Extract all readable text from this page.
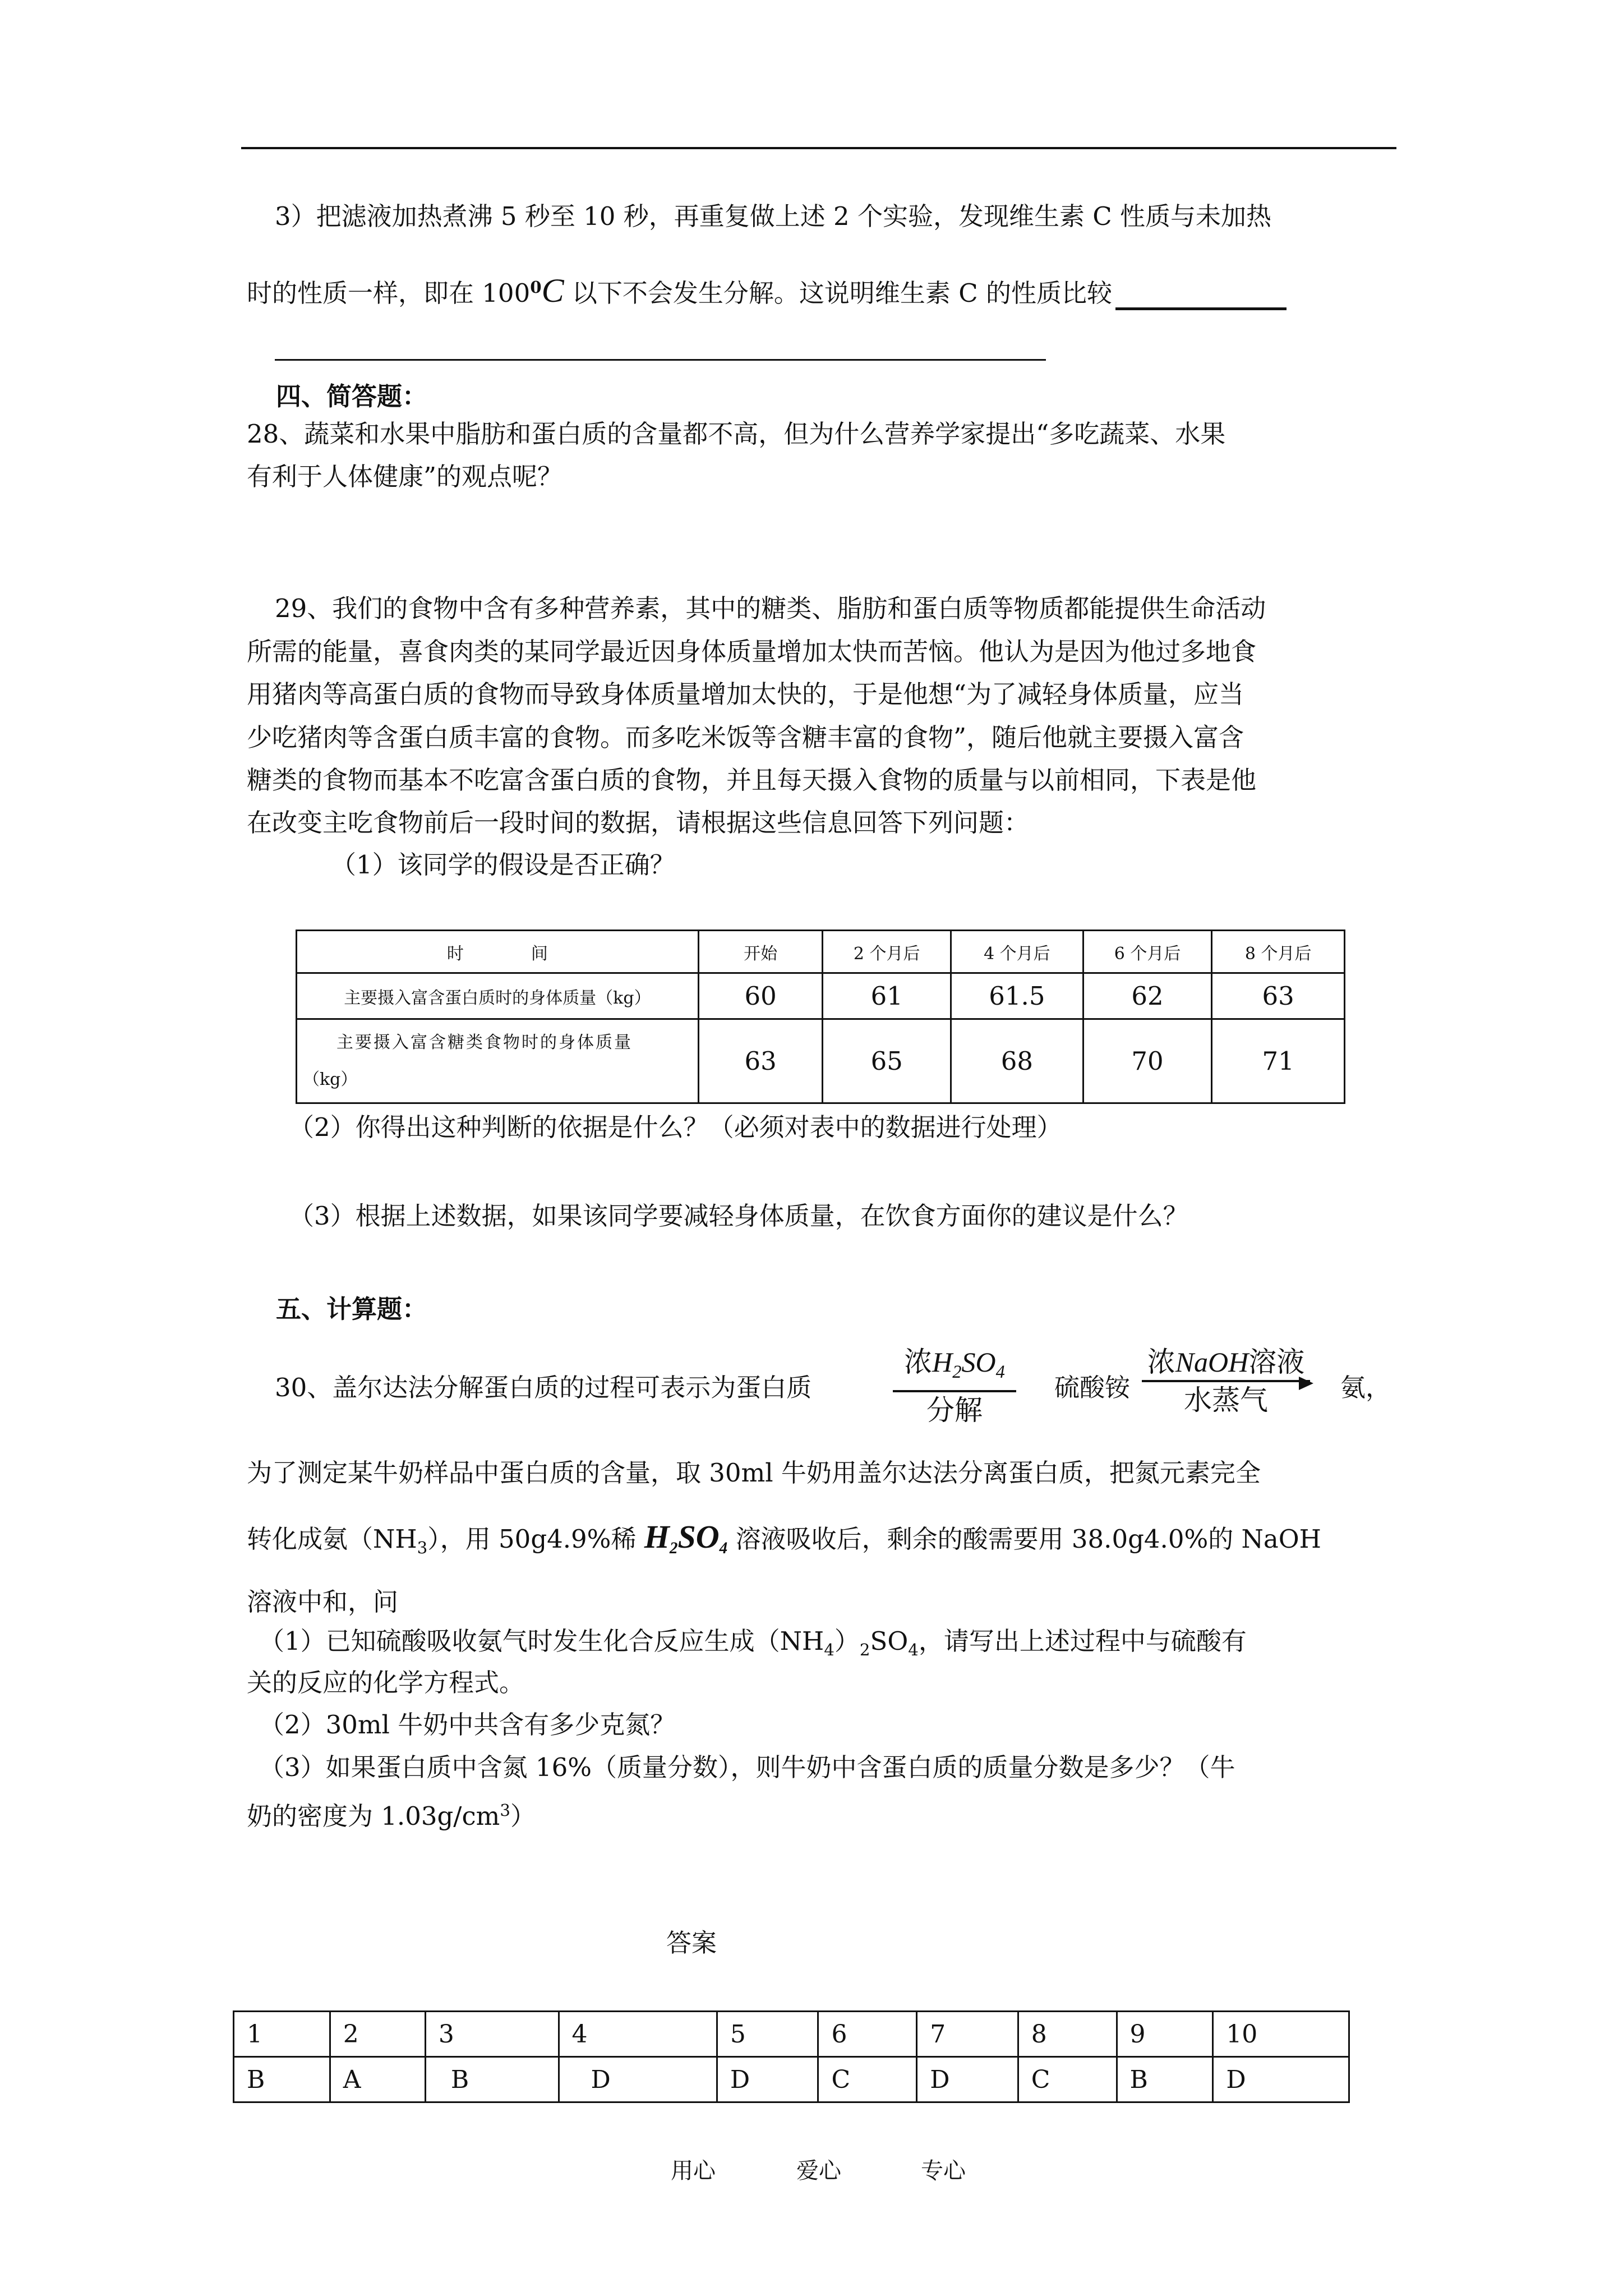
3）把滤液加热煮沸 5 秒至 10 秒，再重复做上述 2 个实验，发现维生素 C 性质与未加热
时的性质一样，即在 $100^0C$ 以下不会发生分解。这说明维生素 C 的性质比较
四、简答题：
28、蔬菜和水果中脂肪和蛋白质的含量都不高，但为什么营养学家提出“多吃蔬菜、水果
有利于人体健康”的观点呢？
29、我们的食物中含有多种营养素，其中的糖类、脂肪和蛋白质等物质都能提供生命活动
所需的能量，喜食肉类的某同学最近因身体质量增加太快而苦恼。他认为是因为他过多地食
用猪肉等高蛋白质的食物而导致身体质量增加太快的，于是他想“为了减轻身体质量，应当
少吃猪肉等含蛋白质丰富的食物。而多吃米饭等含糖丰富的食物”，随后他就主要摄入富含
糖类的食物而基本不吃富含蛋白质的食物，并且每天摄入食物的质量与以前相同，下表是他
在改变主吃食物前后一段时间的数据，请根据这些信息回答下列问题：
（1）该同学的假设是否正确？
时　　　　间	开始	2 个月后	4 个月后	6 个月后	8 个月后
主要摄入富含蛋白质时的身体质量（kg）	60	61	61.5	62	63

主要摄入富含糖类食物时的身体质量
（kg）	63	65	68	70	71
（2）你得出这种判断的依据是什么？（必须对表中的数据进行处理）
（3）根据上述数据，如果该同学要减轻身体质量，在饮食方面你的建议是什么？
五、计算题：
30、盖尔达法分解蛋白质的过程可表示为蛋白质
浓$H_2SO_4$
分解
硫酸铵
浓NaOH溶液
水蒸气	氨，
为了测定某牛奶样品中蛋白质的含量，取 30ml 牛奶用盖尔达法分离蛋白质，把氮元素完全
转化成氨$(NH_3)$，用 50g4.9%稀 $H_2SO_4$ 溶液吸收后，剩余的酸需要用 38.0g4.0%的 NaOH
溶液中和，问
（1）已知硫酸吸收氨气时发生化合反应生成$(NH_4)_2SO_4$，请写出上述过程中与硫酸有
关的反应的化学方程式。
（2）30ml 牛奶中共含有多少克氮？
（3）如果蛋白质中含氮 16%（质量分数），则牛奶中含蛋白质的质量分数是多少？（牛
奶的密度为 $1.03g/cm^3$）
答案
1	2	3	4	5	6	7	8	9	10
B	A	B	D	D	C	D	C	B	D
用心	爱心	专心
